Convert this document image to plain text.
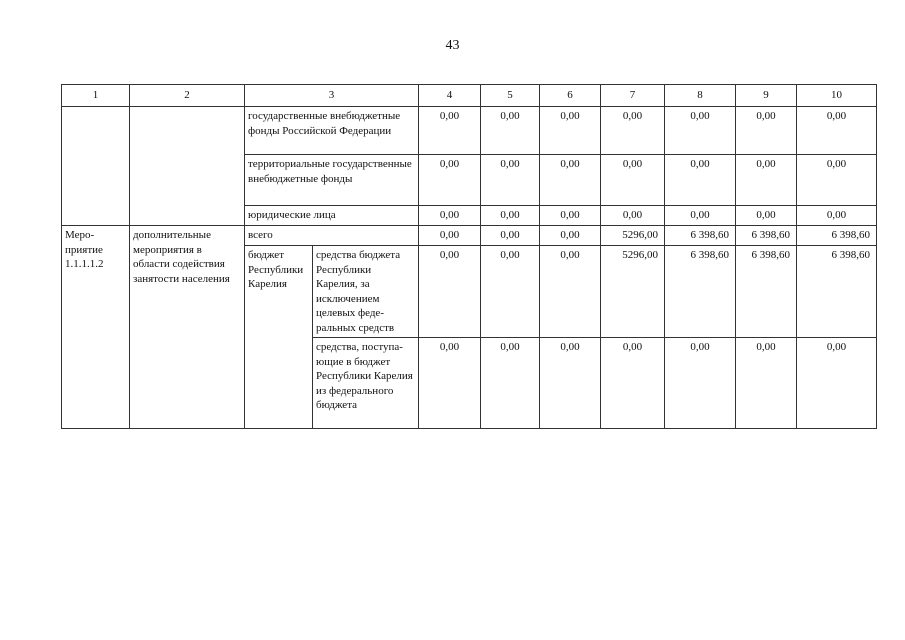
43
1	2	3		4	5	6	7	8	9	10
		государственные внебюджетные фонды Российской Федерации		0,00	0,00	0,00	0,00	0,00	0,00	0,00
		территориальные государственные внебюджетные фонды		0,00	0,00	0,00	0,00	0,00	0,00	0,00
		юридические лица		0,00	0,00	0,00	0,00	0,00	0,00	0,00
Меро-приятие 1.1.1.1.2	дополнительные мероприятия в области содействия занятости населения	всего		0,00	0,00	0,00	5296,00	6 398,60	6 398,60	6 398,60
		бюджет Республики Карелия	средства бюджета Республики Карелия, за исключением целевых феде-ральных средств	0,00	0,00	0,00	5296,00	6 398,60	6 398,60	6 398,60
			средства, поступа-ющие в бюджет Республики Карелия из федерального бюджета	0,00	0,00	0,00	0,00	0,00	0,00	0,00
